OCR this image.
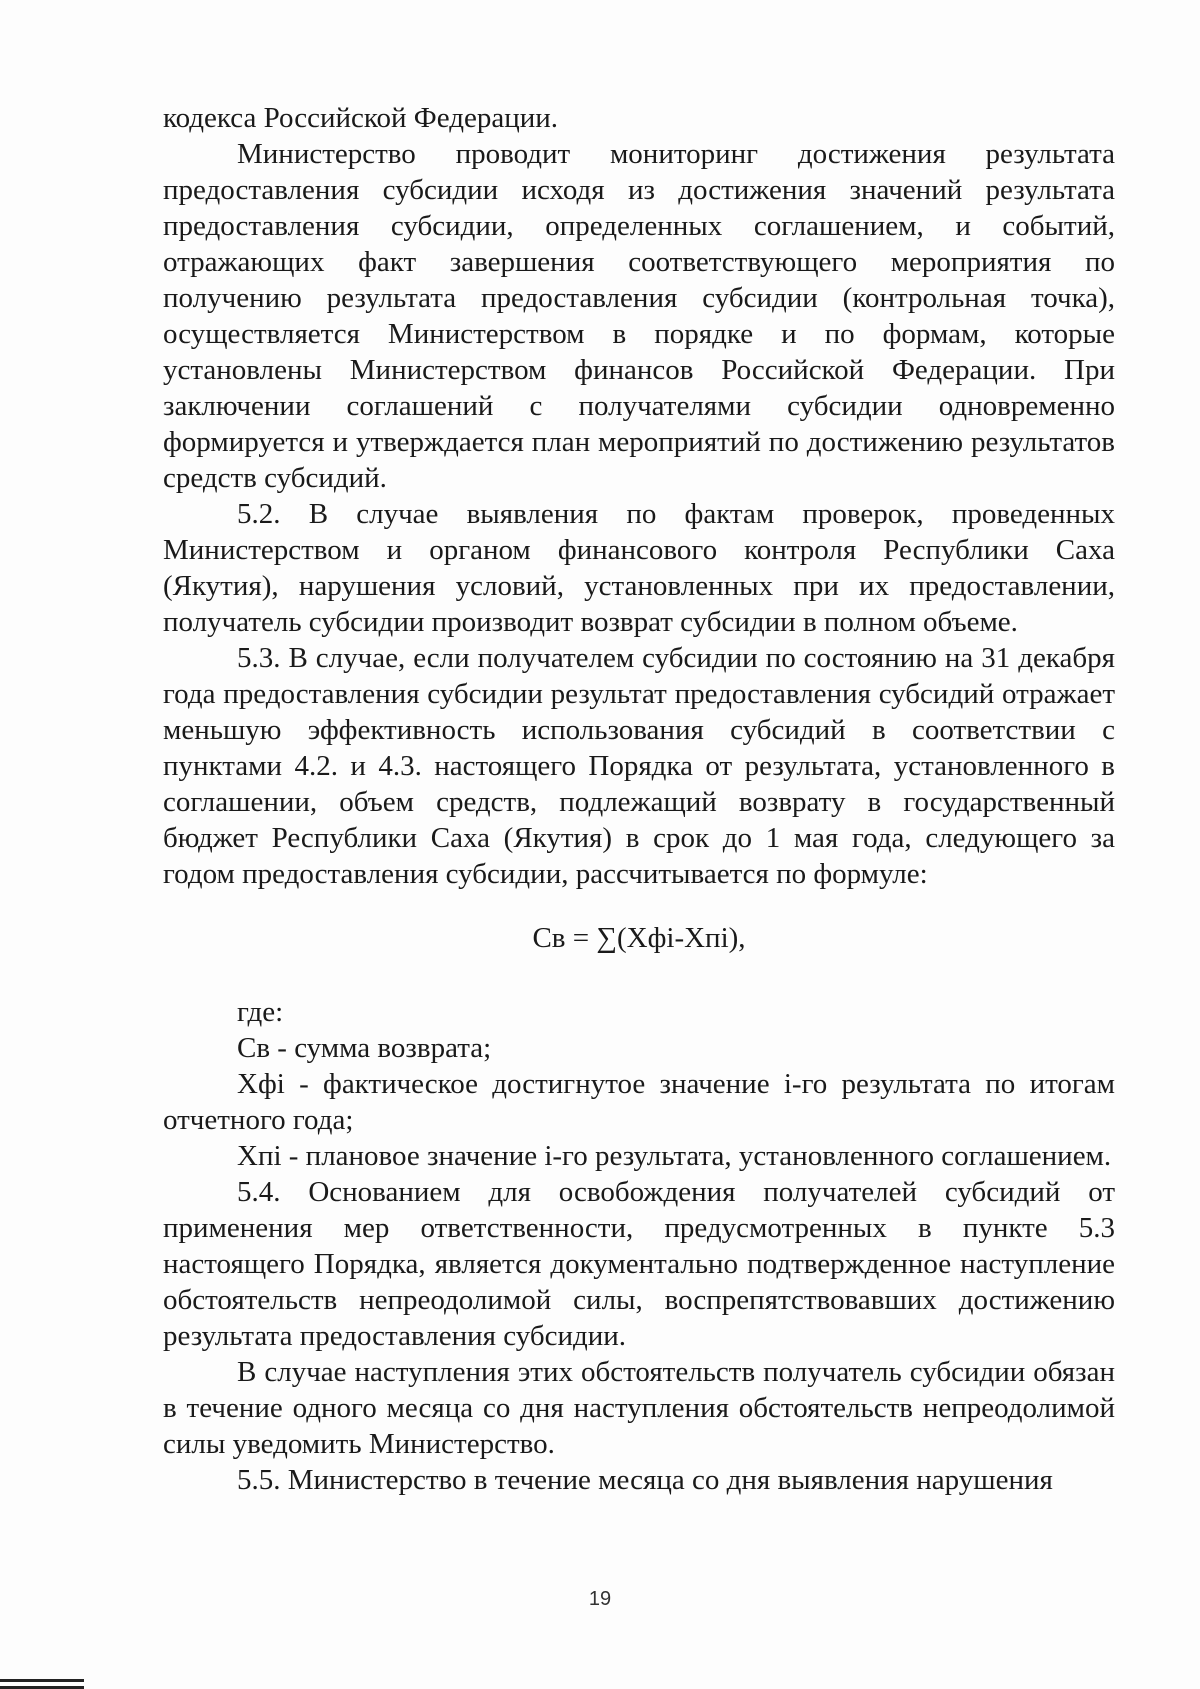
кодекса Российской Федерации.

Министерство проводит мониторинг достижения результата предоставления субсидии исходя из достижения значений результата предоставления субсидии, определенных соглашением, и событий, отражающих факт завершения соответствующего мероприятия по получению результата предоставления субсидии (контрольная точка), осуществляется Министерством в порядке и по формам, которые установлены Министерством финансов Российской Федерации. При заключении соглашений с получателями субсидии одновременно формируется и утверждается план мероприятий по достижению результатов средств субсидий.

5.2. В случае выявления по фактам проверок, проведенных Министерством и органом финансового контроля Республики Саха (Якутия), нарушения условий, установленных при их предоставлении, получатель субсидии производит возврат субсидии в полном объеме.

5.3. В случае, если получателем субсидии по состоянию на 31 декабря года предоставления субсидии результат предоставления субсидий отражает меньшую эффективность использования субсидий в соответствии с пунктами 4.2. и 4.3. настоящего Порядка от результата, установленного в соглашении, объем средств, подлежащий возврату в государственный бюджет Республики Саха (Якутия) в срок до 1 мая года, следующего за годом предоставления субсидии, рассчитывается по формуле:

Св = ∑(Хфi-Хпi),

где:

Св - сумма возврата;

Хфi - фактическое достигнутое значение i-го результата по итогам отчетного года;

Хпi - плановое значение i-го результата, установленного соглашением.

5.4. Основанием для освобождения получателей субсидий от применения мер ответственности, предусмотренных в пункте 5.3 настоящего Порядка, является документально подтвержденное наступление обстоятельств непреодолимой силы, воспрепятствовавших достижению результата предоставления субсидии.

В случае наступления этих обстоятельств получатель субсидии обязан в течение одного месяца со дня наступления обстоятельств непреодолимой силы уведомить Министерство.

5.5. Министерство в течение месяца со дня выявления нарушения

19
